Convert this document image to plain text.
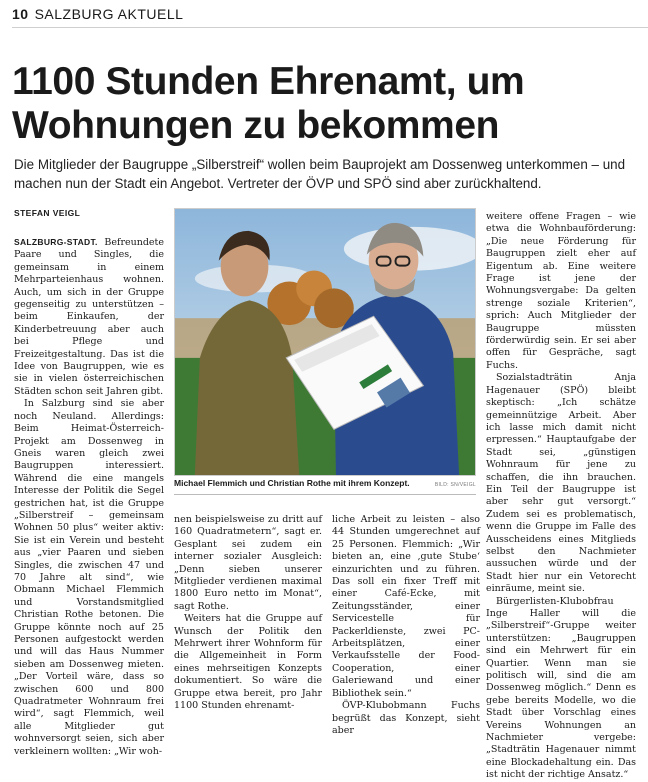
10 SALZBURG AKTUELL
1100 Stunden Ehrenamt, um Wohnungen zu bekommen

Die Mitglieder der Baugruppe „Silberstreif“ wollen beim Bauprojekt am Dossenweg unterkommen – und machen nun der Stadt ein Angebot. Vertreter der ÖVP und SPÖ sind aber zurückhaltend.

STEFAN VEIGL

SALZBURG-STADT. Befreundete Paare und Singles, die gemeinsam in einem Mehrparteienhaus wohnen. Auch, um sich in der Gruppe gegenseitig zu unterstützen – beim Einkaufen, der Kinderbetreuung aber auch bei Pflege und Freizeitgestaltung. Das ist die Idee von Baugruppen, wie es sie in vielen österreichischen Städten schon seit Jahren gibt.

In Salzburg sind sie aber noch Neuland. Allerdings: Beim Heimat-Österreich-Projekt am Dossenweg in Gneis waren gleich zwei Baugruppen interessiert. Während die eine mangels Interesse der Politik die Segel gestrichen hat, ist die Gruppe „Silberstreif – gemeinsam Wohnen 50 plus“ weiter aktiv: Sie ist ein Verein und besteht aus „vier Paaren und sieben Singles, die zwischen 47 und 70 Jahre alt sind“, wie Obmann Michael Flemmich und Vorstandsmitglied Christian Rothe betonen. Die Gruppe könnte noch auf 25 Personen aufgestockt werden und will das Haus Nummer sieben am Dossenweg mieten. „Der Vorteil wäre, dass so zwischen 600 und 800 Quadratmeter Wohnraum frei wird“, sagt Flemmich, weil alle Mitglieder gut wohnversorgt seien, sich aber verkleinern wollten: „Wir woh-

Michael Flemmich und Christian Rothe mit ihrem Konzept.	BILD: SN/VEIGL

nen beispielsweise zu dritt auf 160 Quadratmetern“, sagt er. Gesplant sei zudem ein interner sozialer Ausgleich: „Denn sieben unserer Mitglieder verdienen maximal 1800 Euro netto im Monat“, sagt Rothe.

Weiters hat die Gruppe auf Wunsch der Politik den Mehrwert ihrer Wohnform für die Allgemeinheit in Form eines mehrseitigen Konzepts dokumentiert. So wäre die Gruppe etwa bereit, pro Jahr 1100 Stunden ehrenamt-

liche Arbeit zu leisten – also 44 Stunden umgerechnet auf 25 Personen. Flemmich: „Wir bieten an, eine ‚gute Stube‘ einzurichten und zu führen. Das soll ein fixer Treff mit einer Café-Ecke, mit Zeitungsständer, einer Servicestelle für Packerldienste, zwei PC-Arbeitsplätzen, einer Verkaufsstelle der Food-Cooperation, einer Galeriewand und einer Bibliothek sein.“

ÖVP-Klubobmann Fuchs begrüßt das Konzept, sieht aber

weitere offene Fragen – wie etwa die Wohnbauförderung: „Die neue Förderung für Baugruppen zielt eher auf Eigentum ab. Eine weitere Frage ist jene der Wohnungsvergabe: Da gelten strenge soziale Kriterien“, sprich: Auch Mitglieder der Baugruppe müssten förderwürdig sein. Er sei aber offen für Gespräche, sagt Fuchs.

Sozialstadträtin Anja Hagenauer (SPÖ) bleibt skeptisch: „Ich schätze gemeinnützige Arbeit. Aber ich lasse mich damit nicht erpressen.“ Hauptaufgabe der Stadt sei, „günstigen Wohnraum für jene zu schaffen, die ihn brauchen. Ein Teil der Baugruppe ist aber sehr gut versorgt.“ Zudem sei es problematisch, wenn die Gruppe im Falle des Ausscheidens eines Mitglieds selbst den Nachmieter aussuchen würde und der Stadt hier nur ein Vetorecht einräume, meint sie.

Bürgerlisten-Klubobfrau Inge Haller will die „Silberstreif“-Gruppe weiter unterstützen: „Baugruppen sind ein Mehrwert für ein Quartier. Wenn man sie politisch will, sind die am Dossenweg möglich.“ Denn es gebe bereits Modelle, wo die Stadt über Vorschlag eines Vereins Wohnungen an Nachmieter vergebe: „Stadträtin Hagenauer nimmt eine Blockadehaltung ein. Das ist nicht der richtige Ansatz.“
